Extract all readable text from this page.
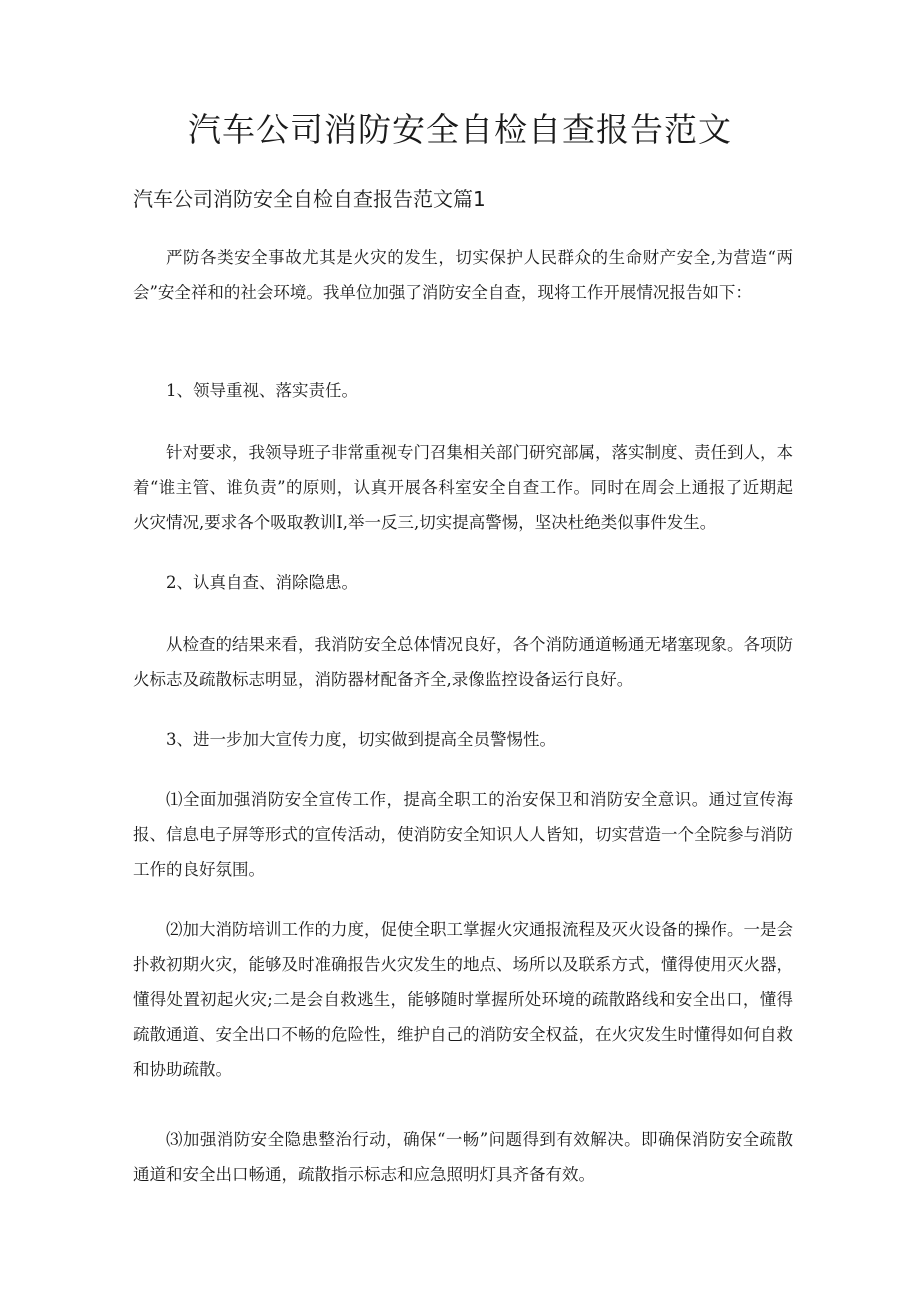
汽车公司消防安全自检自查报告范文
汽车公司消防安全自检自查报告范文篇1

严防各类安全事故尤其是火灾的发生，切实保护人民群众的生命财产安全,为营造“两会”安全祥和的社会环境。我单位加强了消防安全自查，现将工作开展情况报告如下：

1、领导重视、落实责任。

针对要求，我领导班子非常重视专门召集相关部门研究部属，落实制度、责任到人，本着“谁主管、谁负责”的原则，认真开展各科室安全自查工作。同时在周会上通报了近期起火灾情况,要求各个吸取教训I,举一反三,切实提高警惕，坚决杜绝类似事件发生。

2、认真自查、消除隐患。

从检查的结果来看，我消防安全总体情况良好，各个消防通道畅通无堵塞现象。各项防火标志及疏散标志明显，消防器材配备齐全,录像监控设备运行良好。

3、进一步加大宣传力度，切实做到提高全员警惕性。

⑴全面加强消防安全宣传工作，提高全职工的治安保卫和消防安全意识。通过宣传海报、信息电子屏等形式的宣传活动，使消防安全知识人人皆知，切实营造一个全院参与消防工作的良好氛围。

⑵加大消防培训工作的力度，促使全职工掌握火灾通报流程及灭火设备的操作。一是会扑救初期火灾，能够及时准确报告火灾发生的地点、场所以及联系方式，懂得使用灭火器，懂得处置初起火灾;二是会自救逃生，能够随时掌握所处环境的疏散路线和安全出口，懂得疏散通道、安全出口不畅的危险性，维护自己的消防安全权益，在火灾发生时懂得如何自救和协助疏散。

⑶加强消防安全隐患整治行动，确保“一畅”问题得到有效解决。即确保消防安全疏散通道和安全出口畅通，疏散指示标志和应急照明灯具齐备有效。
